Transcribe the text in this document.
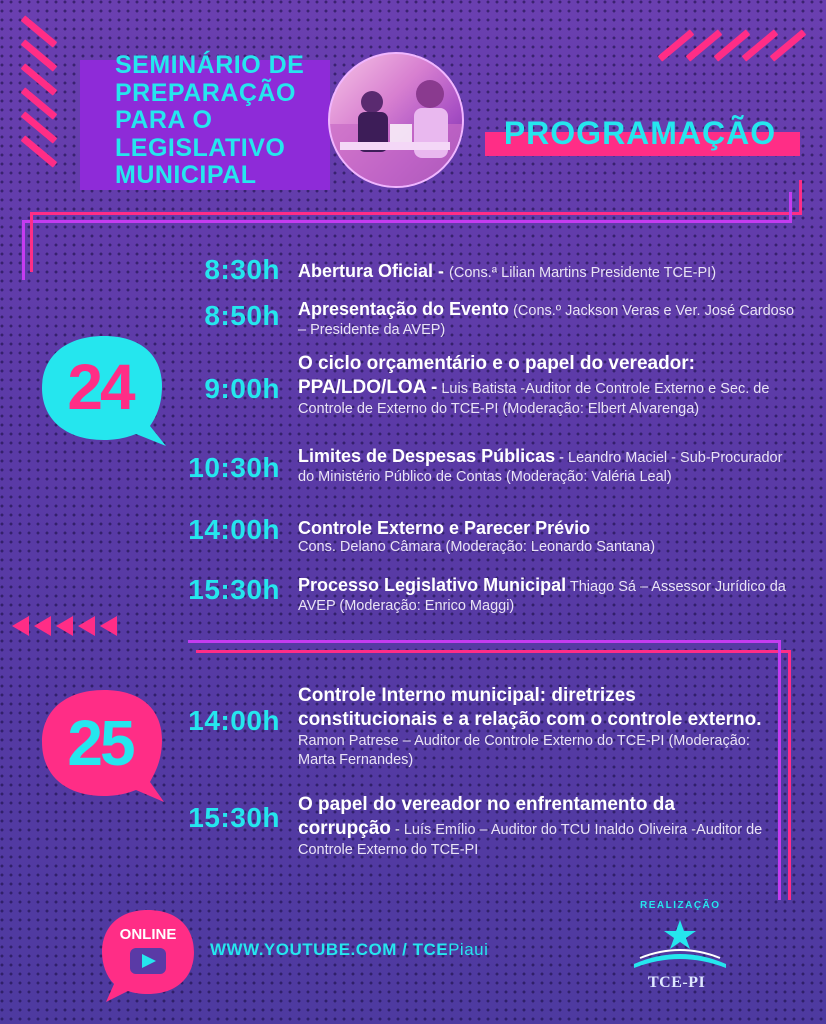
SEMINÁRIO DE
PREPARAÇÃO
PARA O
LEGISLATIVO
MUNICIPAL
PROGRAMAÇÃO
24
8:30h Abertura Oficial - (Cons.ª Lilian Martins Presidente TCE-PI)
8:50h Apresentação do Evento (Cons.º Jackson Veras e Ver. José Cardoso – Presidente da AVEP)
9:00h
O ciclo orçamentário e o papel do vereador: PPA/LDO/LOA - Luis Batista -Auditor de Controle Externo e Sec. de Controle de Externo do TCE-PI (Moderação: Elbert Alvarenga)
10:30h Limites de Despesas Públicas - Leandro Maciel - Sub-Procurador do Ministério Público de Contas (Moderação: Valéria Leal)
14:00h Controle Externo e Parecer Prévio
Cons. Delano Câmara (Moderação: Leonardo Santana)
15:30h Processo Legislativo Municipal Thiago Sá – Assessor Jurídico da AVEP (Moderação: Enrico Maggi)
25	14:00h
Controle Interno municipal: diretrizes constitucionais e a relação com o controle externo. Ramon Patrese – Auditor de Controle Externo do TCE-PI (Moderação: Marta Fernandes)
15:30h O papel do vereador no enfrentamento da corrupção - Luís Emílio – Auditor do TCU Inaldo Oliveira -Auditor de Controle Externo do TCE-PI
ONLINE
WWW.YOUTUBE.COM / TCEPiaui
REALIZAÇÃO
TCE-PI
